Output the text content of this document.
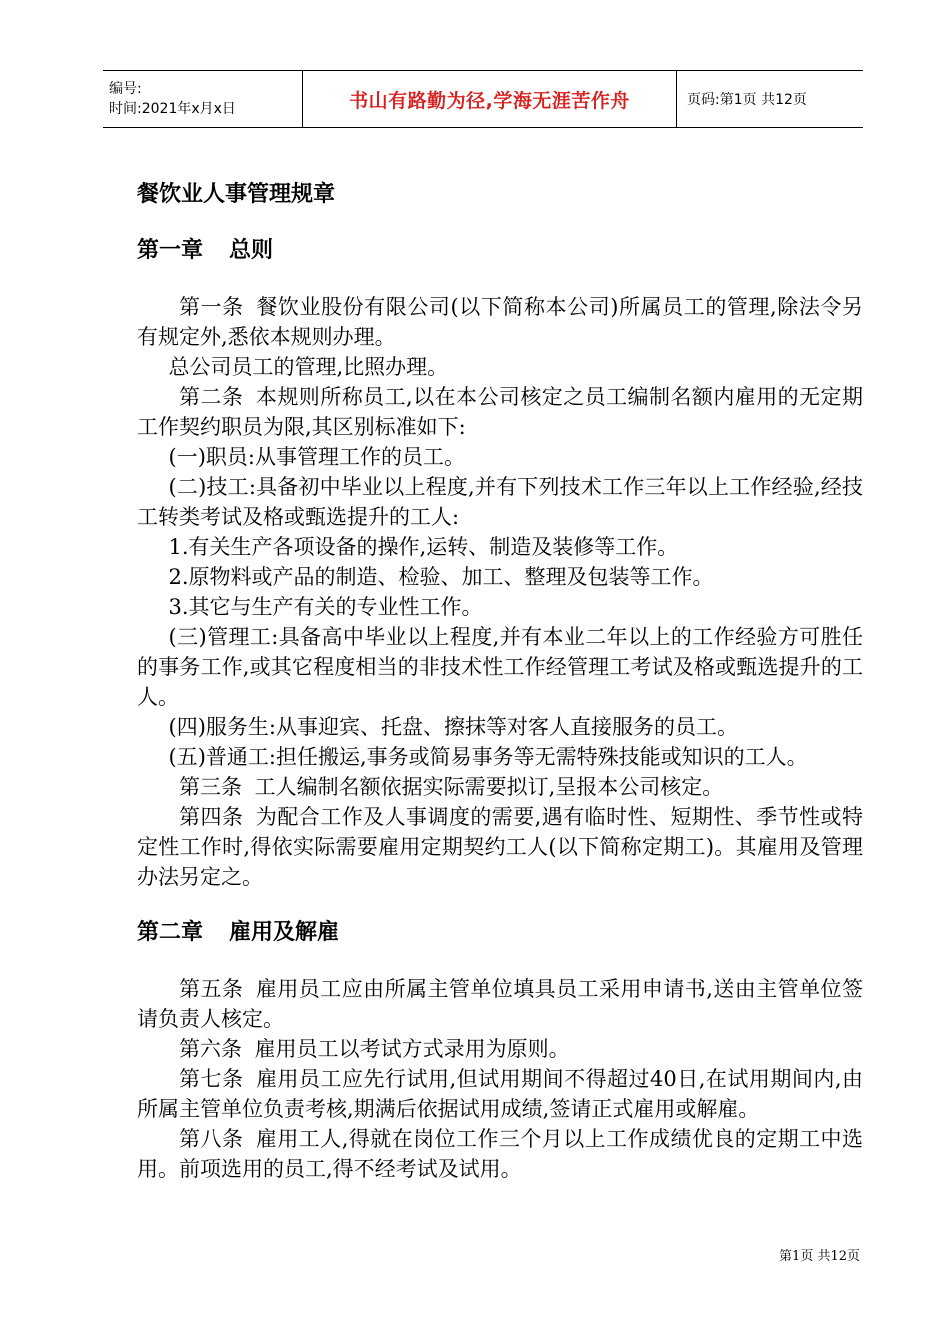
编号:
时间:2021年x月x日	书山有路勤为径,学海无涯苦作舟	页码:第1页 共12页
餐饮业人事管理规章
第一章 总则

第一条 餐饮业股份有限公司(以下简称本公司)所属员工的管理,除法令另有规定外,悉依本规则办理。

总公司员工的管理,比照办理。

第二条 本规则所称员工,以在本公司核定之员工编制名额内雇用的无定期工作契约职员为限,其区别标准如下:

(一)职员:从事管理工作的员工。

(二)技工:具备初中毕业以上程度,并有下列技术工作三年以上工作经验,经技工转类考试及格或甄选提升的工人:

1.有关生产各项设备的操作,运转、制造及装修等工作。

2.原物料或产品的制造、检验、加工、整理及包装等工作。

3.其它与生产有关的专业性工作。

(三)管理工:具备高中毕业以上程度,并有本业二年以上的工作经验方可胜任的事务工作,或其它程度相当的非技术性工作经管理工考试及格或甄选提升的工人。

(四)服务生:从事迎宾、托盘、擦抹等对客人直接服务的员工。

(五)普通工:担任搬运,事务或简易事务等无需特殊技能或知识的工人。

第三条 工人编制名额依据实际需要拟订,呈报本公司核定。

第四条 为配合工作及人事调度的需要,遇有临时性、短期性、季节性或特定性工作时,得依实际需要雇用定期契约工人(以下简称定期工)。其雇用及管理办法另定之。

第二章 雇用及解雇

第五条 雇用员工应由所属主管单位填具员工采用申请书,送由主管单位签请负责人核定。

第六条 雇用员工以考试方式录用为原则。

第七条 雇用员工应先行试用,但试用期间不得超过40日,在试用期间内,由所属主管单位负责考核,期满后依据试用成绩,签请正式雇用或解雇。

第八条 雇用工人,得就在岗位工作三个月以上工作成绩优良的定期工中选用。前项选用的员工,得不经考试及试用。

第1页 共12页
